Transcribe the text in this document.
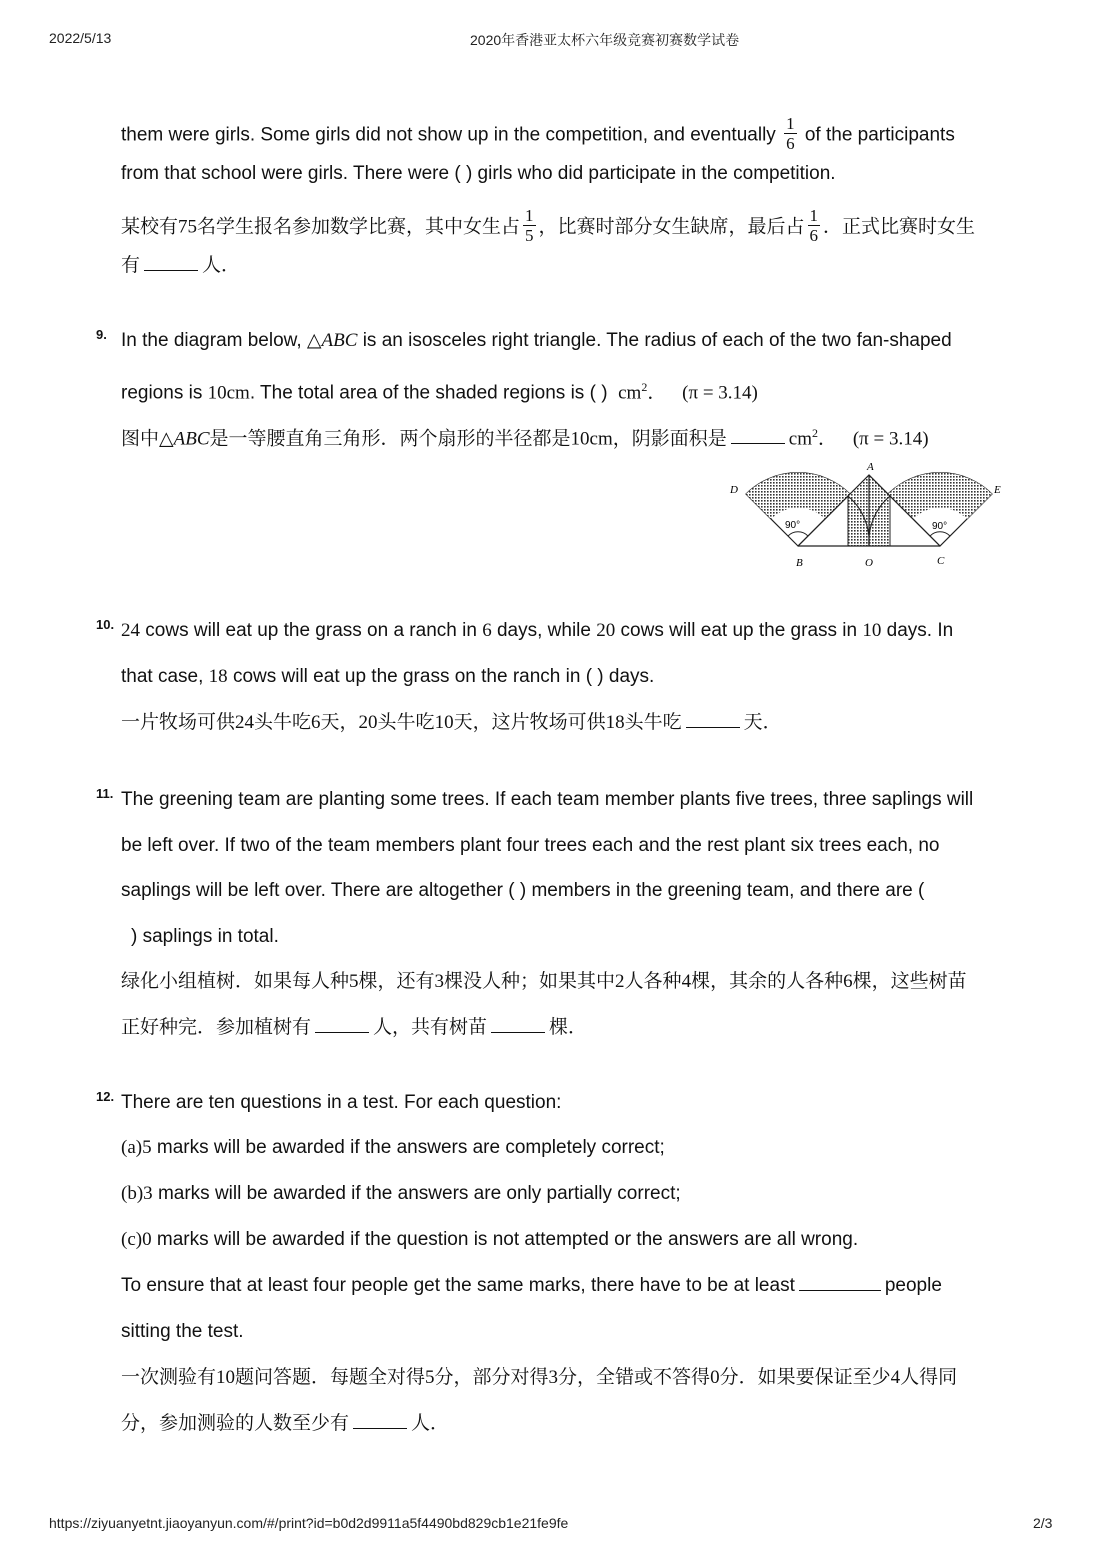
2022/5/13	2020年香港亚太杯六年级竞赛初赛数学试卷
them were girls. Some girls did not show up in the competition, and eventually $\frac{1}{6}$ of the participants
from that school were girls. There were ( ) girls who did participate in the competition.
某校有75名学生报名参加数学比赛，其中女生占 $\frac{1}{5}$ ，比赛时部分女生缺席，最后占 $\frac{1}{6}$ ．正式比赛时女生
有	人．
9. In the diagram below, △ABC is an isosceles right triangle. The radius of each of the two fan-shaped
regions is 10cm. The total area of the shaded regions is ( ) $cm^2$． (π = 3.14)
图中△ABC是一等腰直角三角形．两个扇形的半径都是10cm，阴影面积是	$cm^2$． (π = 3.14)
A
B	O	C
D	E
90°	90°
10. 24 cows will eat up the grass on a ranch in 6 days, while 20 cows will eat up the grass in 10 days. In
that case, 18 cows will eat up the grass on the ranch in ( ) days.
一片牧场可供24头牛吃6天，20头牛吃10天，这片牧场可供18头牛吃	天．
11. The greening team are planting some trees. If each team member plants five trees, three saplings will
be left over. If two of the team members plant four trees each and the rest plant six trees each, no
saplings will be left over. There are altogether ( ) members in the greening team, and there are (
) saplings in total.
绿化小组植树．如果每人种5棵，还有3棵没人种；如果其中2人各种4棵，其余的人各种6棵，这些树苗
正好种完．参加植树有	人，共有树苗	棵．
12. There are ten questions in a test. For each question:
(a)5 marks will be awarded if the answers are completely correct;
(b)3 marks will be awarded if the answers are only partially correct;
(c)0 marks will be awarded if the question is not attempted or the answers are all wrong.
To ensure that at least four people get the same marks, there have to be at least	people
sitting the test.
一次测验有10题问答题．每题全对得5分，部分对得3分，全错或不答得0分．如果要保证至少4人得同
分，参加测验的人数至少有	人．
https://ziyuanyetnt.jiaoyanyun.com/#/print?id=b0d2d9911a5f4490bd829cb1e21fe9fe	2/3
